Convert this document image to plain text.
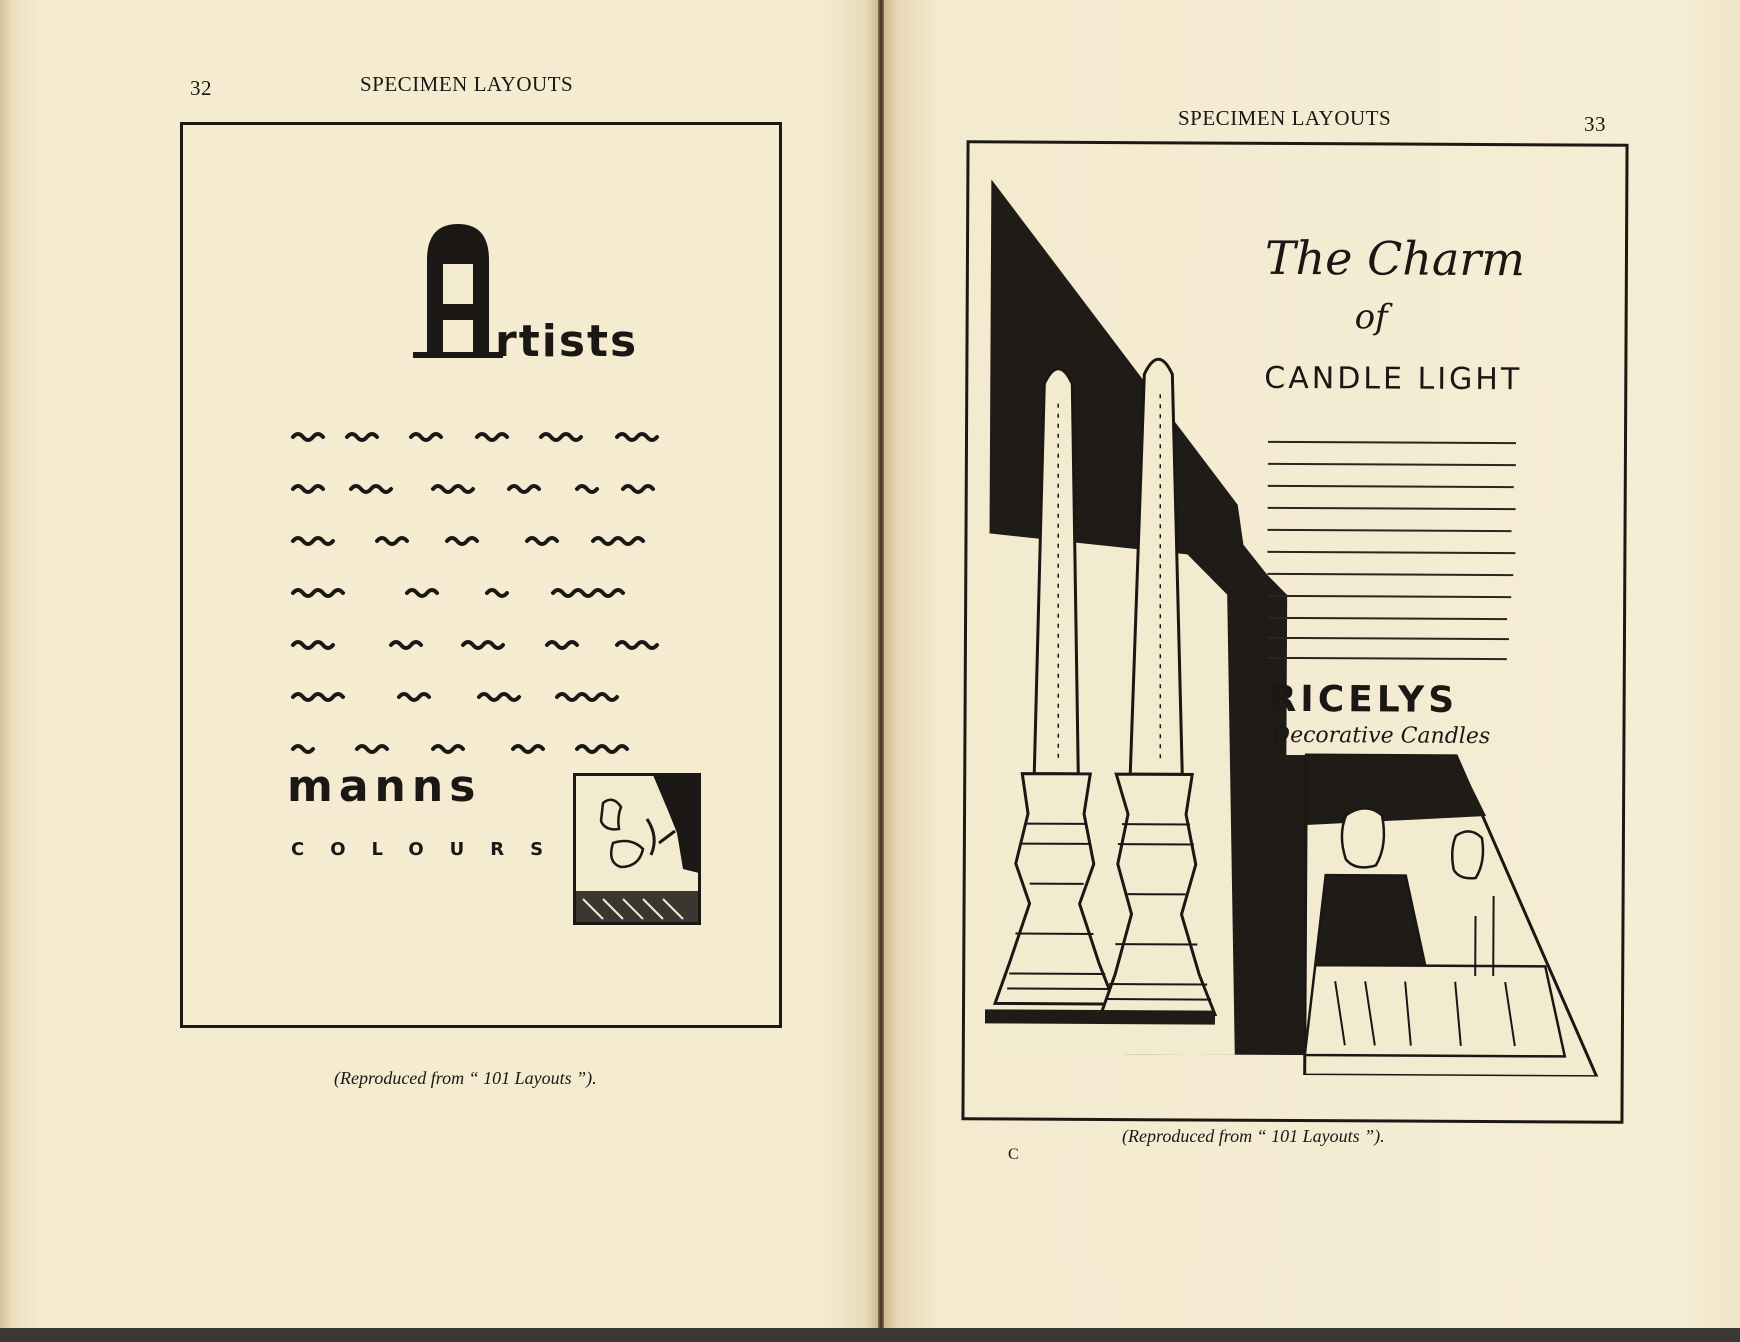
32	SPECIMEN LAYOUTS
rtists
manns
COLOURS
(Reproduced from “ 101 Layouts ”).
SPECIMEN LAYOUTS	33
The Charm
of
CANDLE LIGHT
RICELYS
Decorative Candles
(Reproduced from “ 101 Layouts ”).
C
